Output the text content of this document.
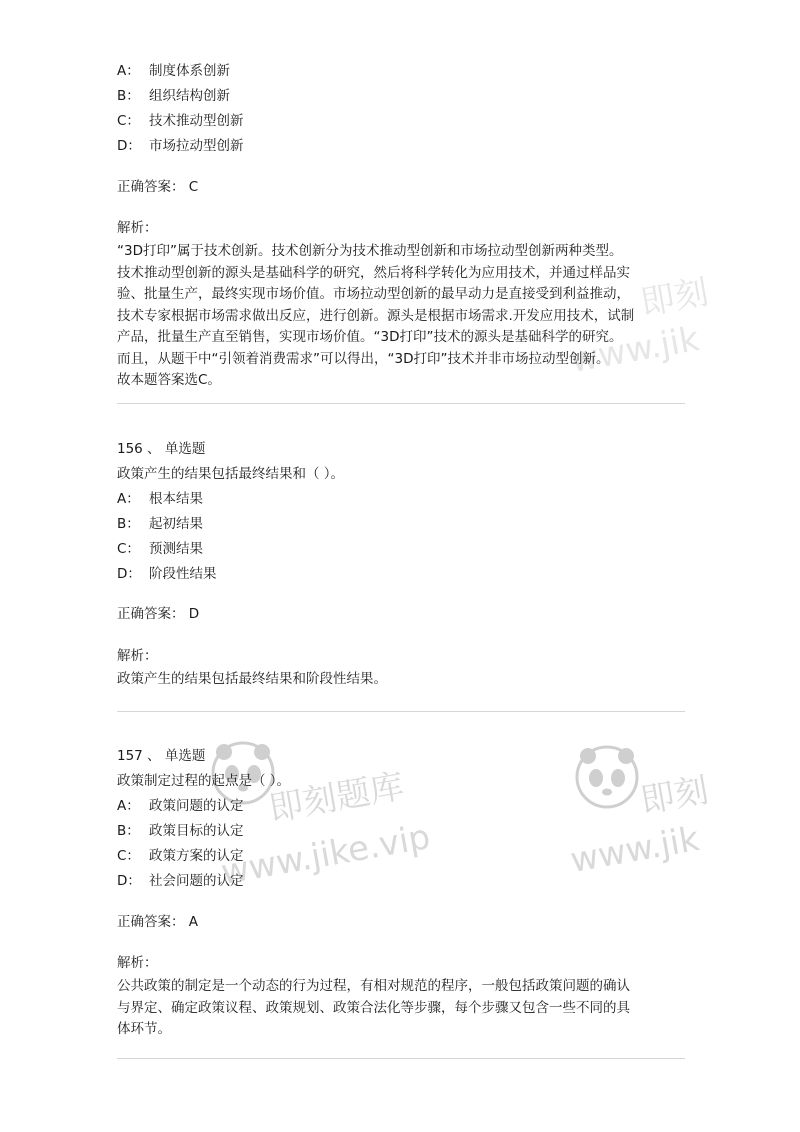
即刻题库
www.jike.vip
即刻
www.jik
即刻
www.jik
A： 制度体系创新
B： 组织结构创新
C： 技术推动型创新
D： 市场拉动型创新
正确答案： C
解析：
“3D打印”属于技术创新。技术创新分为技术推动型创新和市场拉动型创新两种类型。
技术推动型创新的源头是基础科学的研究，然后将科学转化为应用技术，并通过样品实
验、批量生产，最终实现市场价值。市场拉动型创新的最早动力是直接受到利益推动，
技术专家根据市场需求做出反应，进行创新。源头是根据市场需求.开发应用技术，试制
产品，批量生产直至销售，实现市场价值。“3D打印”技术的源头是基础科学的研究。
而且，从题干中“引领着消费需求”可以得出，“3D打印”技术并非市场拉动型创新。
故本题答案选C。
156 、 单选题
政策产生的结果包括最终结果和（ ）。
A： 根本结果
B： 起初结果
C： 预测结果
D： 阶段性结果
正确答案： D
解析：
政策产生的结果包括最终结果和阶段性结果。
157 、 单选题
政策制定过程的起点是（ ）。
A： 政策问题的认定
B： 政策目标的认定
C： 政策方案的认定
D： 社会问题的认定
正确答案： A
解析：
公共政策的制定是一个动态的行为过程，有相对规范的程序，一般包括政策问题的确认
与界定、确定政策议程、政策规划、政策合法化等步骤，每个步骤又包含一些不同的具
体环节。
